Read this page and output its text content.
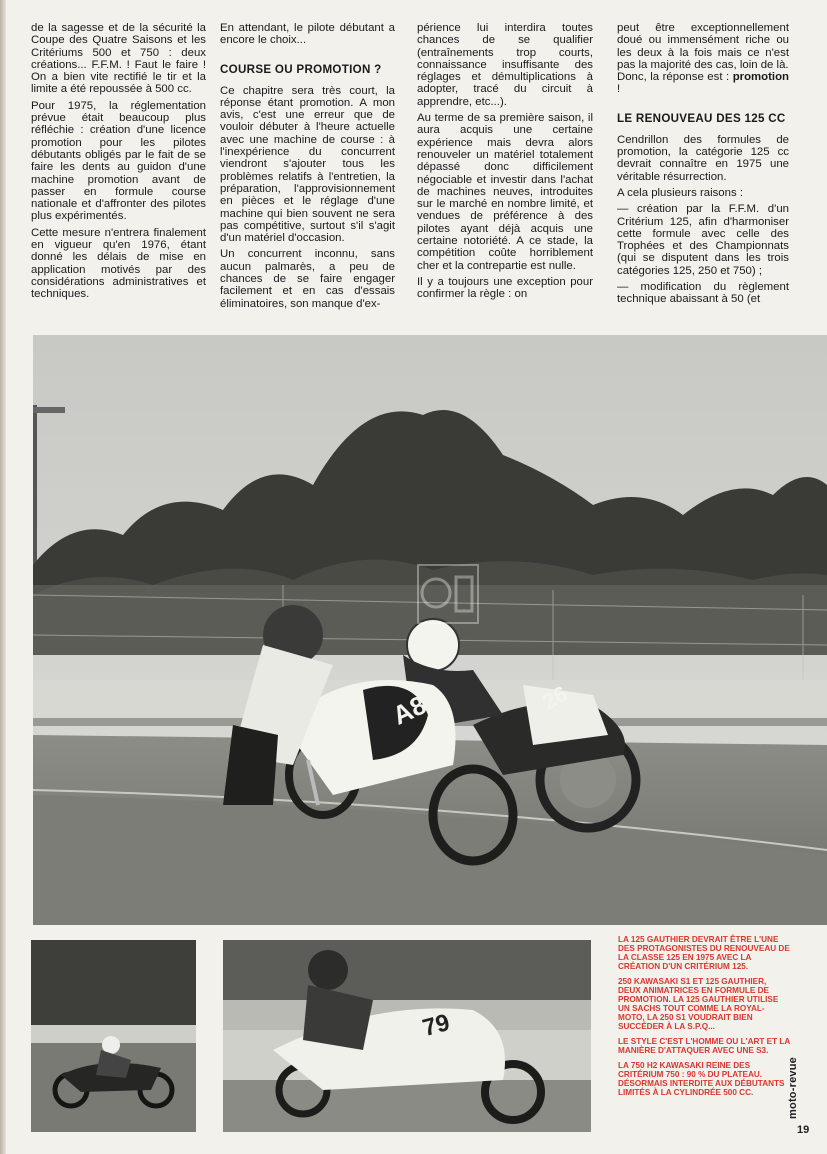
de la sagesse et de la sécurité la Coupe des Quatre Saisons et les Critériums 500 et 750 : deux créations... F.F.M. ! Faut le faire ! On a bien vite rectifié le tir et la limite a été repoussée à 500 cc.

Pour 1975, la réglementation prévue était beaucoup plus réfléchie : création d'une licence promotion pour les pilotes débutants obligés par le fait de se faire les dents au guidon d'une machine promotion avant de passer en formule course nationale et d'affronter des pilotes plus expérimentés.

Cette mesure n'entrera finalement en vigueur qu'en 1976, étant donné les délais de mise en application motivés par des considérations administratives et techniques.

En attendant, le pilote débutant a encore le choix...

COURSE OU PROMOTION ?

Ce chapitre sera très court, la réponse étant promotion. A mon avis, c'est une erreur que de vouloir débuter à l'heure actuelle avec une machine de course : à l'inexpérience du concurrent viendront s'ajouter tous les problèmes relatifs à l'entretien, la préparation, l'approvisionnement en pièces et le réglage d'une machine qui bien souvent ne sera pas compétitive, surtout s'il s'agit d'un matériel d'occasion.

Un concurrent inconnu, sans aucun palmarès, a peu de chances de se faire engager facilement et en cas d'essais éliminatoires, son manque d'ex-

périence lui interdira toutes chances de se qualifier (entraînements trop courts, connaissance insuffisante des réglages et démultiplications à adopter, tracé du circuit à apprendre, etc...).

Au terme de sa première saison, il aura acquis une certaine expérience mais devra alors renouveler un matériel totalement dépassé donc difficilement négociable et investir dans l'achat de machines neuves, introduites sur le marché en nombre limité, et vendues de préférence à des pilotes ayant déjà acquis une certaine notoriété. A ce stade, la compétition coûte horriblement cher et la contrepartie est nulle.

Il y a toujours une exception pour confirmer la règle : on

peut être exceptionnellement doué ou immensément riche ou les deux à la fois mais ce n'est pas la majorité des cas, loin de là.
Donc, la réponse est : promotion !

LE RENOUVEAU DES 125 CC

Cendrillon des formules de promotion, la catégorie 125 cc devrait connaître en 1975 une véritable résurrection.

A cela plusieurs raisons :

— création par la F.F.M. d'un Critérium 125, afin d'harmoniser cette formule avec celle des Trophées et des Championnats (qui se disputent dans les trois catégories 125, 250 et 750) ;

— modification du règlement technique abaissant à 50 (et

A8	26
79

LA 125 GAUTHIER DEVRAIT ÊTRE L'UNE DES PROTAGONISTES DU RENOUVEAU DE LA CLASSE 125 EN 1975 AVEC LA CRÉATION D'UN CRITÉRIUM 125.

250 KAWASAKI S1 ET 125 GAUTHIER, DEUX ANIMATRICES EN FORMULE DE PROMOTION. LA 125 GAUTHIER UTILISE UN SACHS TOUT COMME LA ROYAL-MOTO, LA 250 S1 VOUDRAIT BIEN SUCCÉDER À LA S.P.Q...

LE STYLE C'EST L'HOMME OU L'ART ET LA MANIÈRE D'ATTAQUER AVEC UNE S3.

LA 750 H2 KAWASAKI REINE DES CRITÉRIUM 750 : 90 % DU PLATEAU. DÉSORMAIS INTERDITE AUX DÉBUTANTS LIMITÉS À LA CYLINDRÉE 500 CC.	moto-revue
19
